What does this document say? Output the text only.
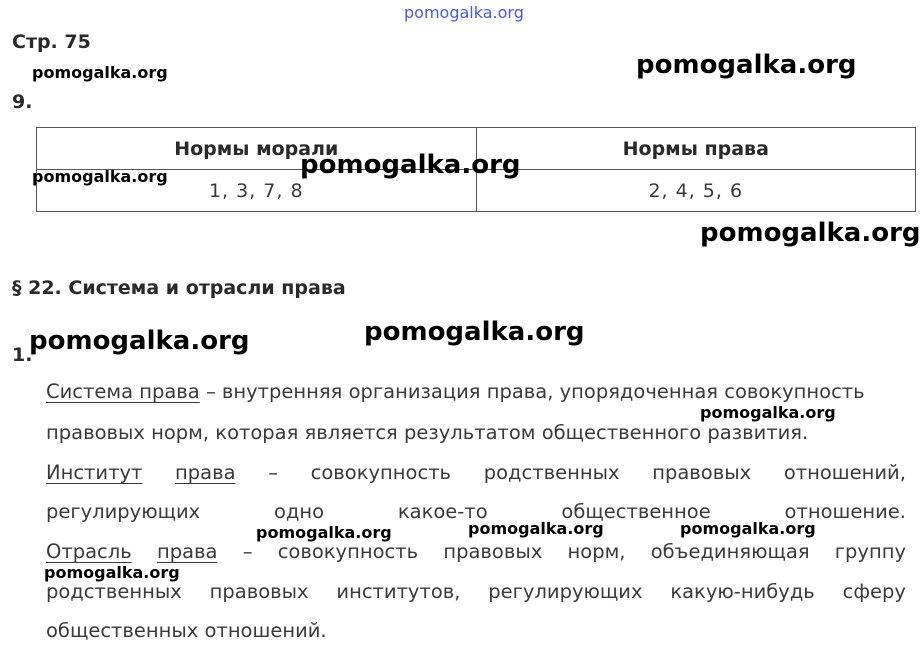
pomogalka.org
Стр. 75
pomogalka.org	pomogalka.org
9.
Нормы морали	Нормы права
1, 3, 7, 8	2, 4, 5, 6
pomogalka.org	pomogalka.org
pomogalka.org
§ 22. Система и отрасли права
pomogalka.org
1.
pomogalka.org
Система права – внутренняя организация права, упорядоченная совокупность
pomogalka.org
правовых норм, которая является результатом общественного развития.
Институт права – совокупность родственных правовых отношений,
регулирующих	одно	какое-то	общественное	отношение.
pomogalka.org	pomogalka.org	pomogalka.org
Отрасль права – совокупность правовых норм, объединяющая группу
pomogalka.org
родственных правовых институтов, регулирующих какую-нибудь сферу
общественных отношений.
